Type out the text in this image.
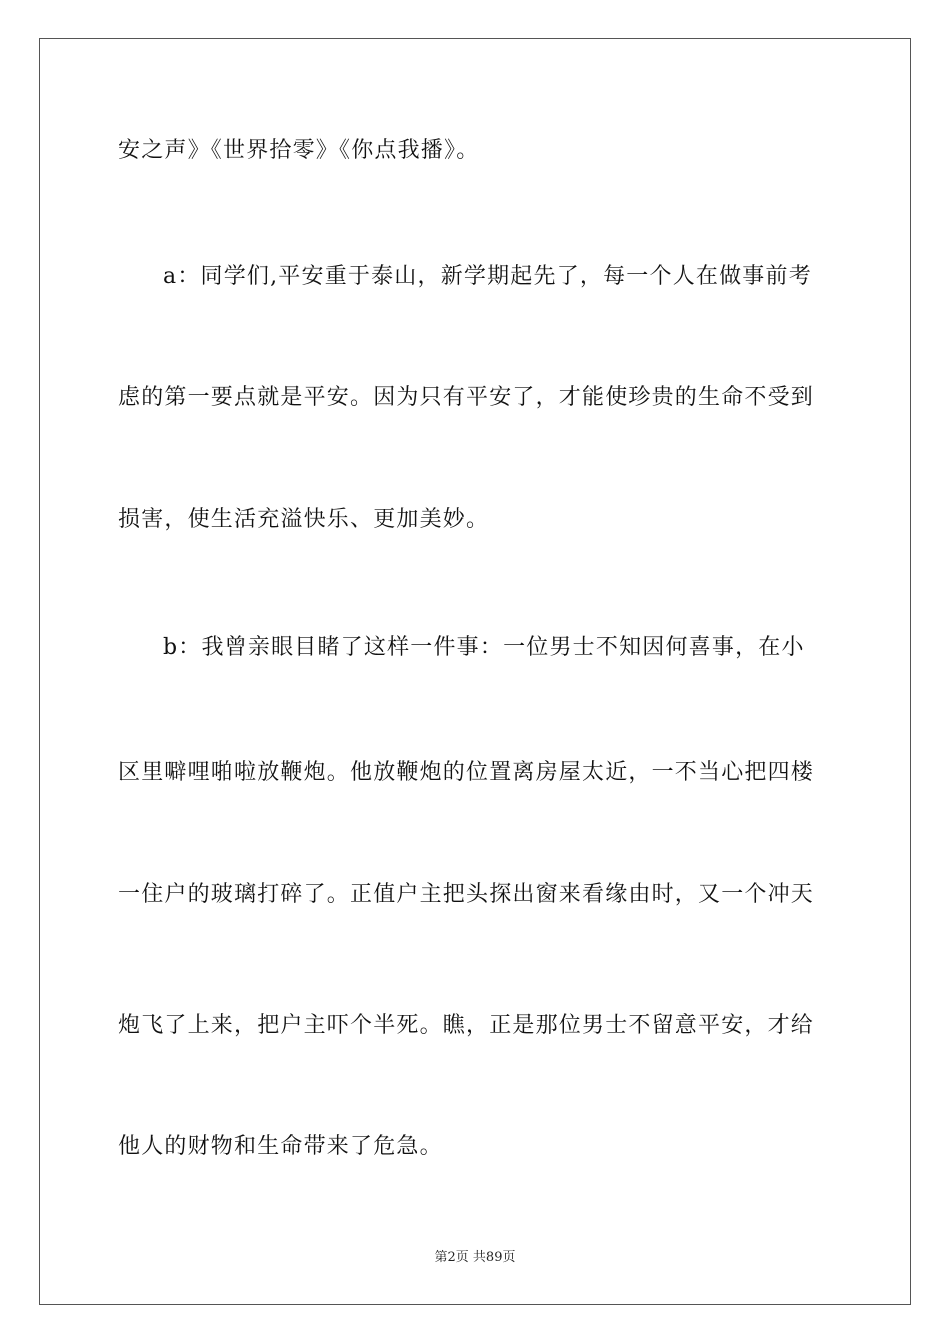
安之声》《世界拾零》《你点我播》。
a：同学们,平安重于泰山，新学期起先了，每一个人在做事前考
虑的第一要点就是平安。因为只有平安了，才能使珍贵的生命不受到
损害，使生活充溢快乐、更加美妙。
b：我曾亲眼目睹了这样一件事：一位男士不知因何喜事，在小
区里噼哩啪啦放鞭炮。他放鞭炮的位置离房屋太近，一不当心把四楼
一住户的玻璃打碎了。正值户主把头探出窗来看缘由时，又一个冲天
炮飞了上来，把户主吓个半死。瞧，正是那位男士不留意平安，才给
他人的财物和生命带来了危急。
第2页 共89页
